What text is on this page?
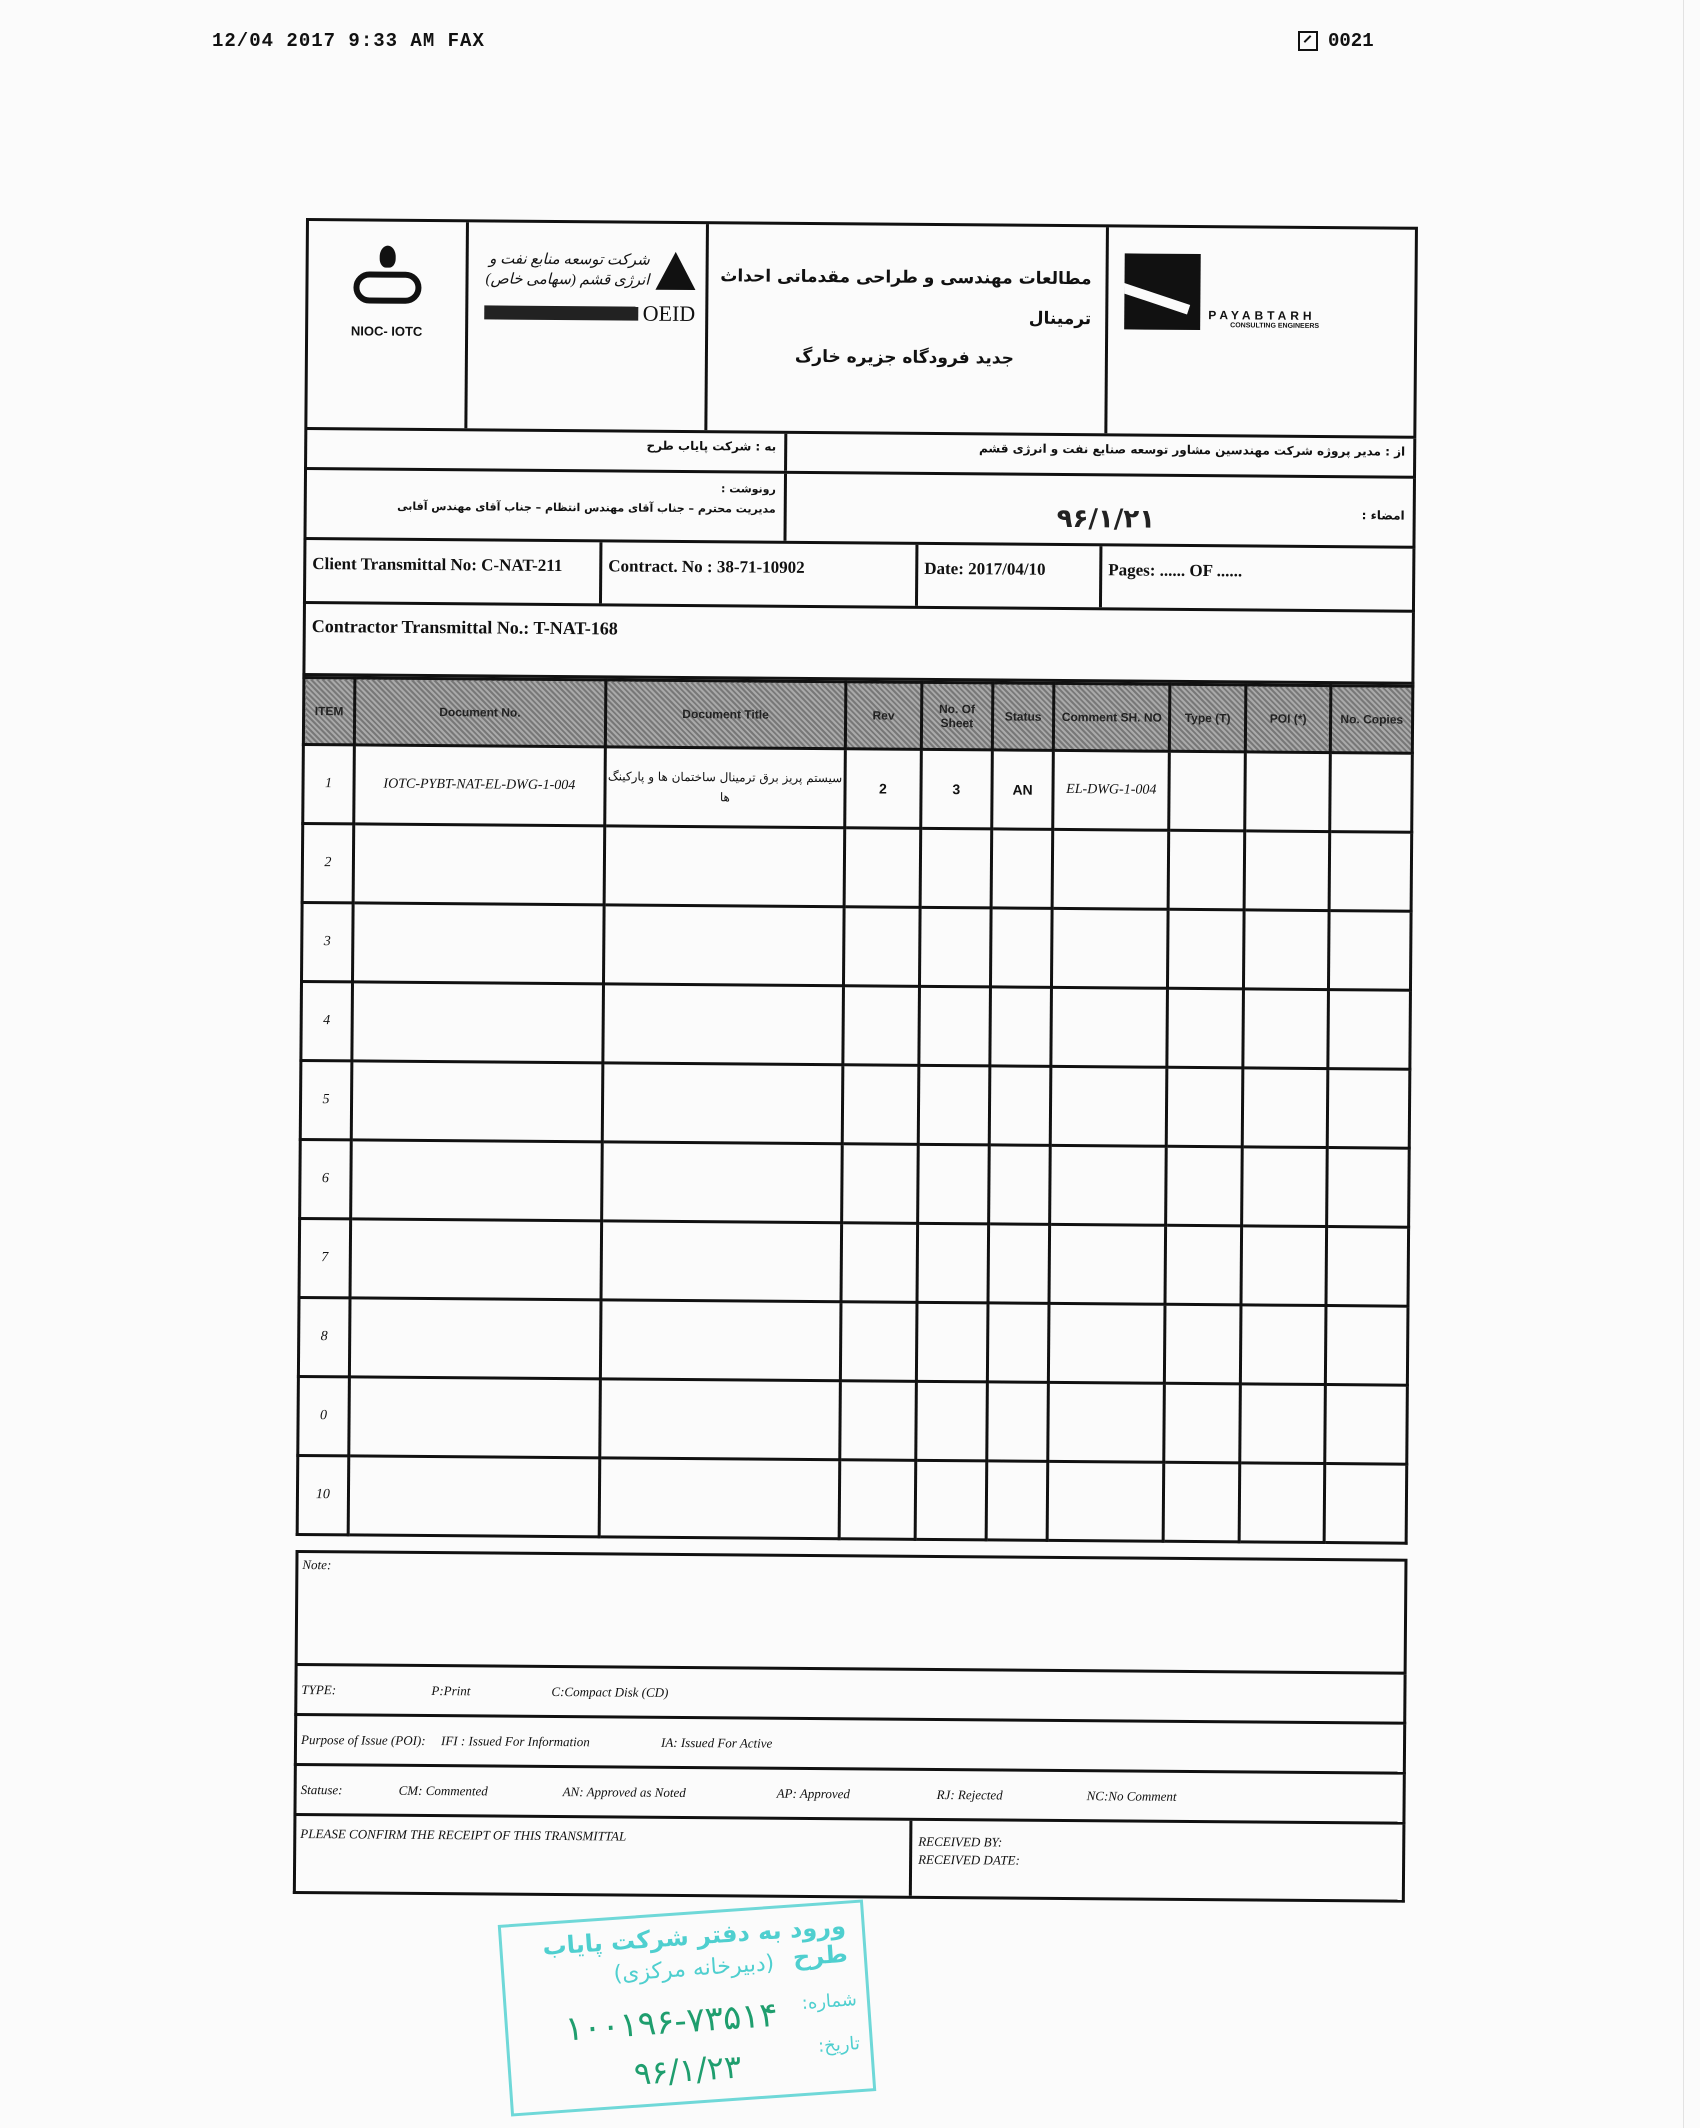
12/04 2017 9:33 AM FAX	0021
NIOC- IOTC
شرکت توسعه منابع نفت و انرژی قشم (سهامی خاص)
OEID
مطالعات مهندسی و طراحی مقدماتی احداث ترمینال
جدید فرودگاه جزیره خارگ
PAYABTARH
CONSULTING ENGINEERS
به : شرکت پایاب طرح	از : مدیر پروژه شرکت مهندسین مشاور توسعه صنایع نفت و انرژی قشم
رونوشت :
مدیریت محترم – جناب آقای مهندس انتظام – جناب آقای مهندس آفابی	امضاء :
۹۶/۱/۲۱
Client Transmittal No: C-NAT-211	Contract. No : 38-71-10902	Date: 2017/04/10	Pages: ...... OF ......
Contractor Transmittal No.: T-NAT-168
ITEM	Document No.	Document Title	Rev	No. Of Sheet	Status	Comment SH. NO	Type (T)	POI (*)	No. Copies
1	IOTC-PYBT-NAT-EL-DWG-1-004	سیستم پریز برق ترمینال ساختمان ها و پارکینگ ها	2	3	AN	EL-DWG-1-004			
2									
3									
4									
5									
6									
7									
8									
0									
10									
Note:
TYPE:	P:Print	C:Compact Disk (CD)
Purpose of Issue (POI):	IFI : Issued For Information	IA: Issued For Active
Statuse:	CM: Commented	AN: Approved as Noted	AP: Approved	RJ: Rejected	NC:No Comment
PLEASE CONFIRM THE RECEIPT OF THIS TRANSMITTAL	RECEIVED BY:
RECEIVED DATE:
ورود به دفتر شرکت پایاب طرح
(دبیرخانه مرکزی)
شماره:
۱۰۰۱۹۶-۷۳۵۱۴ تاریخ:
۹۶/۱/۲۳
